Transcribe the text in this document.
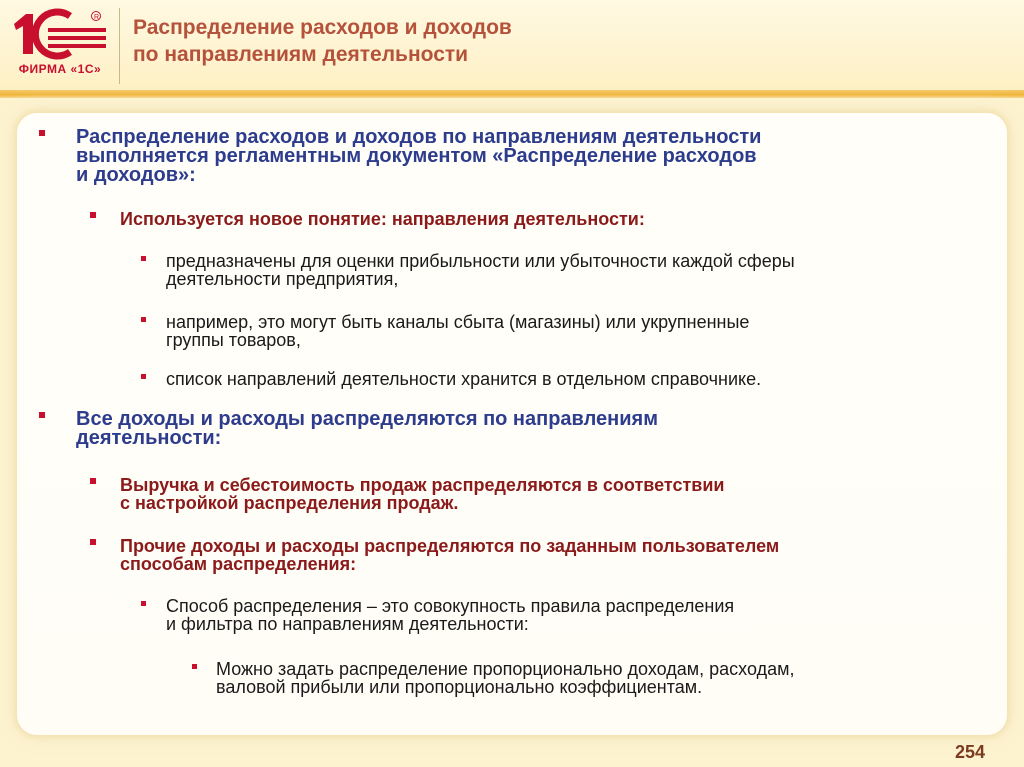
R
ФИРМА «1С»
Распределение расходов и доходов
по направлениям деятельности
Распределение расходов и доходов по направлениям деятельности
выполняется регламентным документом «Распределение расходов
и доходов»:
Используется новое понятие: направления деятельности:
предназначены для оценки прибыльности или убыточности каждой сферы
деятельности предприятия,
например, это могут быть каналы сбыта (магазины) или укрупненные
группы товаров,
список направлений деятельности хранится в отдельном справочнике.
Все доходы и расходы распределяются по направлениям
деятельности:
Выручка и себестоимость продаж распределяются в соответствии
с настройкой распределения продаж.
Прочие доходы и расходы распределяются по заданным пользователем
способам распределения:
Способ распределения – это совокупность правила распределения
и фильтра по направлениям деятельности:
Можно задать распределение пропорционально доходам, расходам,
валовой прибыли или пропорционально коэффициентам.
254
